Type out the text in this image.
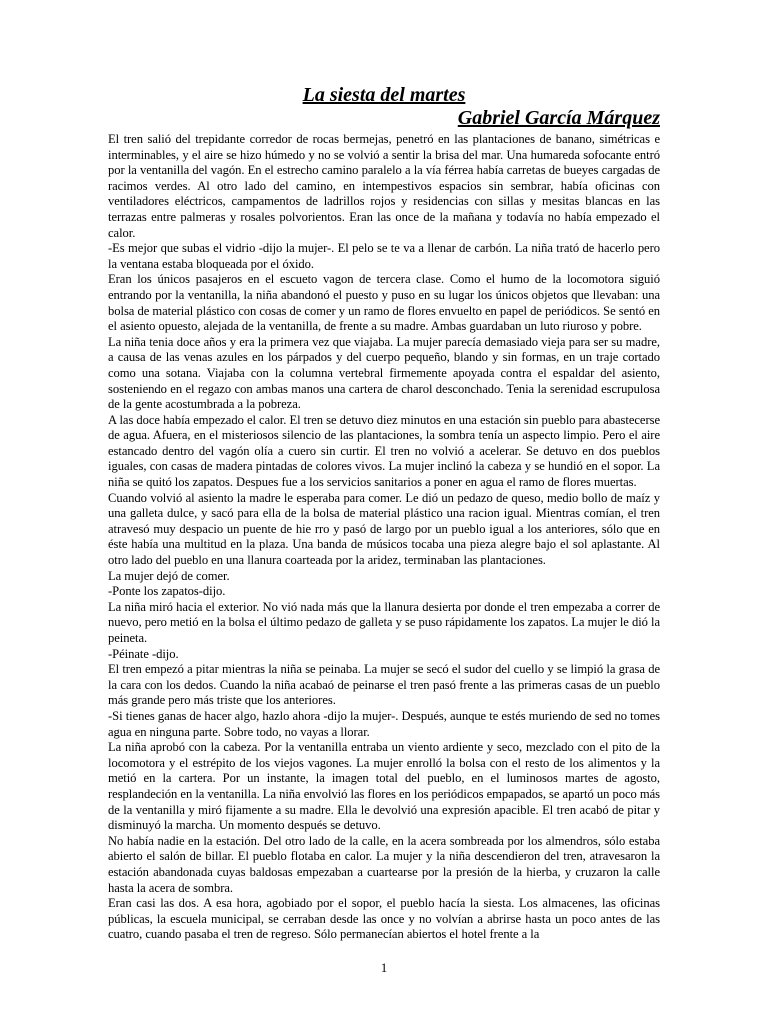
La siesta del martes
Gabriel García Márquez

El tren salió del trepidante corredor de rocas bermejas, penetró en las plantaciones de banano, simétricas e interminables, y el aire se hizo húmedo y no se volvió a sentir la brisa del mar. Una humareda sofocante entró por la ventanilla del vagón. En el estrecho camino paralelo a la vía férrea había carretas de bueyes cargadas de racimos verdes. Al otro lado del camino, en intempestivos espacios sin sembrar, había oficinas con ventiladores eléctricos, campamentos de ladrillos rojos y residencias con sillas y mesitas blancas en las terrazas entre palmeras y rosales polvorientos. Eran las once de la mañana y todavía no había empezado el calor.

-Es mejor que subas el vidrio -dijo la mujer-. El pelo se te va a llenar de carbón. La niña trató de hacerlo pero la ventana estaba bloqueada por el óxido.

Eran los únicos pasajeros en el escueto vagon de tercera clase. Como el humo de la locomotora siguió entrando por la ventanilla, la niña abandonó el puesto y puso en su lugar los únicos objetos que llevaban: una bolsa de material plástico con cosas de comer y un ramo de flores envuelto en papel de periódicos. Se sentó en el asiento opuesto, alejada de la ventanilla, de frente a su madre. Ambas guardaban un luto riuroso y pobre.

La niña tenia doce años y era la primera vez que viajaba. La mujer parecía demasiado vieja para ser su madre, a causa de las venas azules en los párpados y del cuerpo pequeño, blando y sin formas, en un traje cortado como una sotana. Viajaba con la columna vertebral firmemente apoyada contra el espaldar del asiento, sosteniendo en el regazo con ambas manos una cartera de charol desconchado. Tenia la serenidad escrupulosa de la gente acostumbrada a la pobreza.

A las doce había empezado el calor. El tren se detuvo diez minutos en una estación sin pueblo para abastecerse de agua. Afuera, en el misteriosos silencio de las plantaciones, la sombra tenía un aspecto limpio. Pero el aire estancado dentro del vagón olía a cuero sin curtir. El tren no volvió a acelerar. Se detuvo en dos pueblos iguales, con casas de madera pintadas de colores vivos. La mujer inclinó la cabeza y se hundió en el sopor. La niña se quitó los zapatos. Despues fue a los servicios sanitarios a poner en agua el ramo de flores muertas.

Cuando volvió al asiento la madre le esperaba para comer. Le dió un pedazo de queso, medio bollo de maíz y una galleta dulce, y sacó para ella de la bolsa de material plástico una racion igual. Mientras comían, el tren atravesó muy despacio un puente de hie rro y pasó de largo por un pueblo igual a los anteriores, sólo que en éste había una multitud en la plaza. Una banda de músicos tocaba una pieza alegre bajo el sol aplastante. Al otro lado del pueblo en una llanura coarteada por la aridez, terminaban las plantaciones.

La mujer dejó de comer.

-Ponte los zapatos-dijo.

La niña miró hacia el exterior. No vió nada más que la llanura desierta por donde el tren empezaba a correr de nuevo, pero metió en la bolsa el último pedazo de galleta y se puso rápidamente los zapatos. La mujer le dió la peineta.

-Péinate -dijo.

El tren empezó a pitar mientras la niña se peinaba. La mujer se secó el sudor del cuello y se limpió la grasa de la cara con los dedos. Cuando la niña acabaó de peinarse el tren pasó frente a las primeras casas de un pueblo más grande pero más triste que los anteriores.

-Si tienes ganas de hacer algo, hazlo ahora -dijo la mujer-. Después, aunque te estés muriendo de sed no tomes agua en ninguna parte. Sobre todo, no vayas a llorar.

La niña aprobó con la cabeza. Por la ventanilla entraba un viento ardiente y seco, mezclado con el pito de la locomotora y el estrépito de los viejos vagones. La mujer enrolló la bolsa con el resto de los alimentos y la metió en la cartera. Por un instante, la imagen total del pueblo, en el luminosos martes de agosto, resplandeción en la ventanilla. La niña envolvió las flores en los periódicos empapados, se apartó un poco más de la ventanilla y miró fijamente a su madre. Ella le devolvió una expresión apacible. El tren acabó de pitar y disminuyó la marcha. Un momento después se detuvo.

No había nadie en la estación. Del otro lado de la calle, en la acera sombreada por los almendros, sólo estaba abierto el salón de billar. El pueblo flotaba en calor. La mujer y la niña descendieron del tren, atravesaron la estación abandonada cuyas baldosas empezaban a cuartearse por la presión de la hierba, y cruzaron la calle hasta la acera de sombra.

Eran casi las dos. A esa hora, agobiado por el sopor, el pueblo hacía la siesta. Los almacenes, las oficinas públicas, la escuela municipal, se cerraban desde las once y no volvían a abrirse hasta un poco antes de las cuatro, cuando pasaba el tren de regreso. Sólo permanecían abiertos el hotel frente a la

1
